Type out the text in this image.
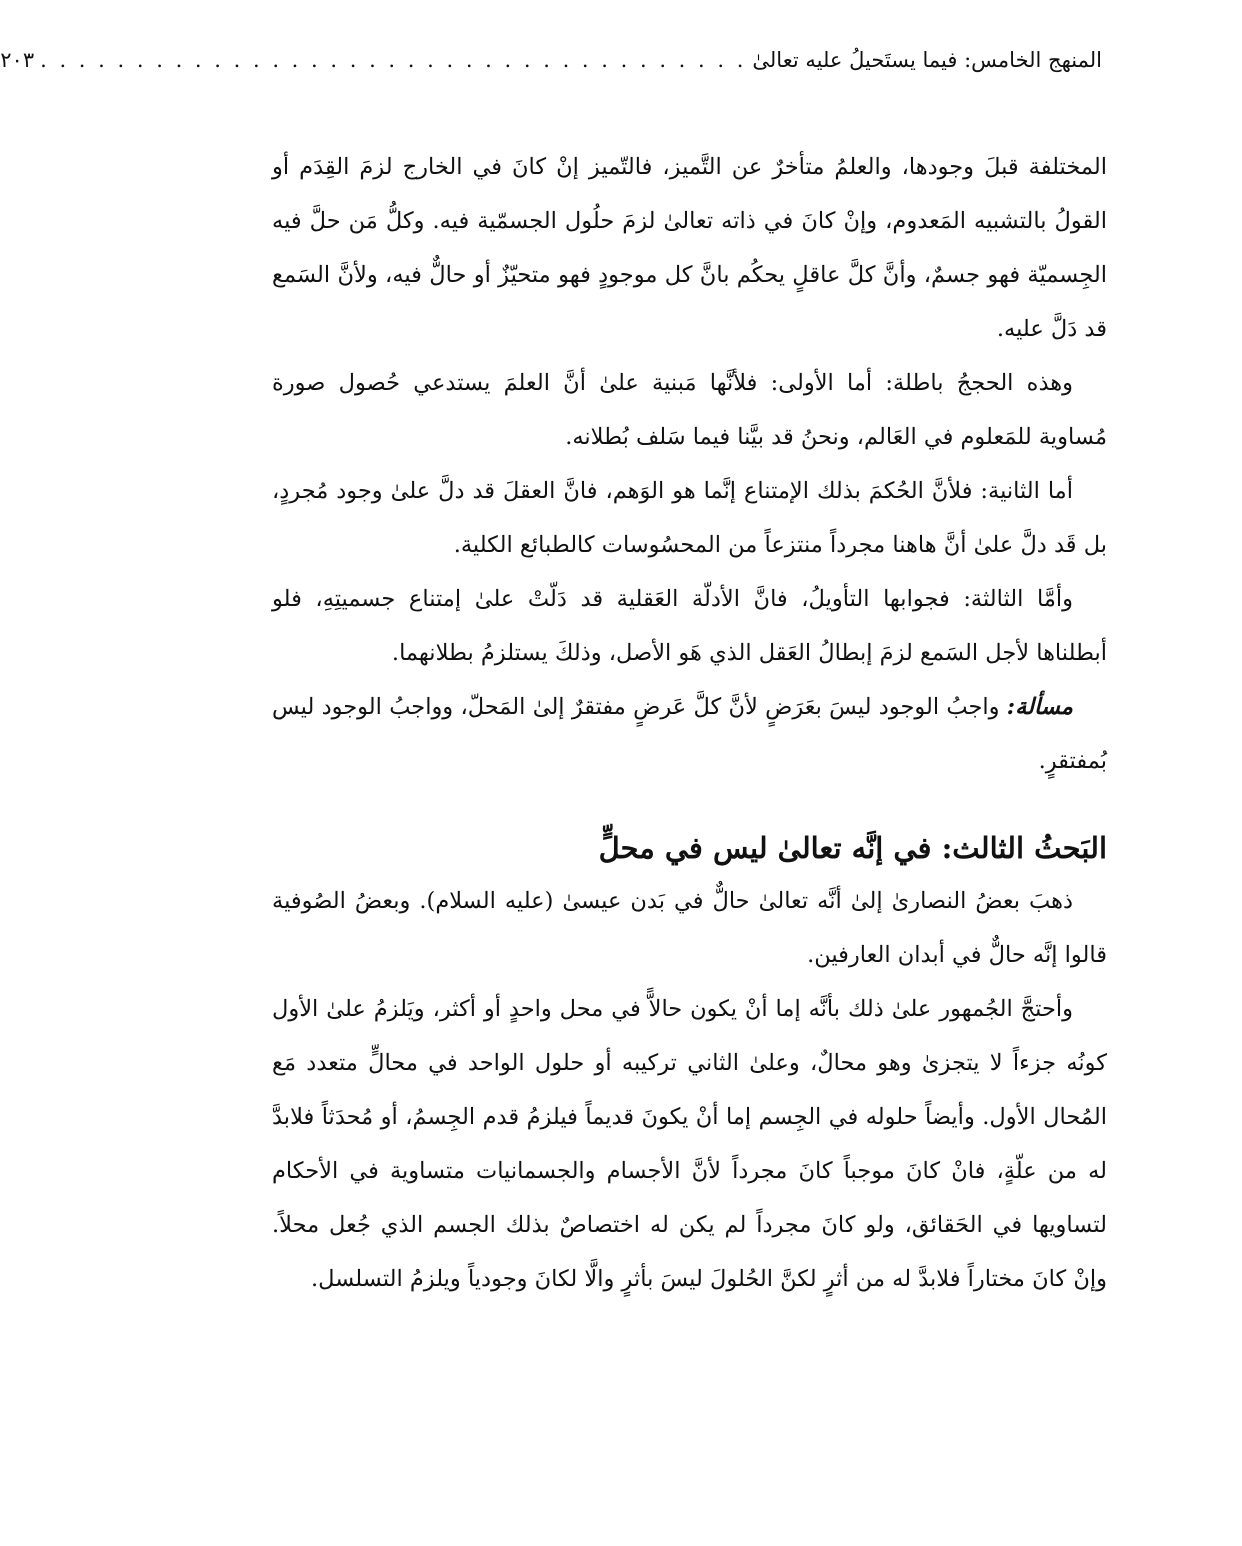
المنهج الخامس: فيما يستَحيلُ عليه تعالىٰ
. . . . . . . . . . . . . . . . . . . . . . . . . . . . . . . . . . . . .
٢٠٣

المختلفة قبلَ وجودها، والعلمُ متأخرٌ عن التَّميز، فالتّميز إنْ كانَ في الخارج لزمَ القِدَم أو القولُ بالتشبيه المَعدوم، وإنْ كانَ في ذاته تعالىٰ لزمَ حلُول الجسمّية فيه. وكلُّ مَن حلَّ فيه الجِسميّة فهو جسمٌ، وأنَّ كلَّ عاقلٍ يحكُم بانَّ كل موجودٍ فهو متحيّزٌ أو حالٌّ فيه، ولأنَّ السَمع قد دَلَّ عليه.

وهذه الحججُ باطلة: أما الأولى: فلأنَّها مَبنية علىٰ أنَّ العلمَ يستدعي حُصول صورة مُساوية للمَعلوم في العَالم، ونحنُ قد بيَّنا فيما سَلف بُطلانه.

أما الثانية: فلأنَّ الحُكمَ بذلك الإمتناع إنَّما هو الوَهم، فانَّ العقلَ قد دلَّ علىٰ وجود مُجردٍ، بل قَد دلَّ علىٰ أنَّ هاهنا مجرداً منتزعاً من المحسُوسات كالطبائع الكلية.

وأمَّا الثالثة: فجوابها التأويلُ، فانَّ الأدلّة العَقلية قد دَلّتْ علىٰ إمتناع جسميتِهِ، فلو أبطلناها لأجل السَمع لزمَ إبطالُ العَقل الذي هَو الأصل، وذلكَ يستلزمُ بطلانهما.

مسألة: واجبُ الوجود ليسَ بعَرَضٍ لأنَّ كلَّ عَرضٍ مفتقرٌ إلىٰ المَحلّ، وواجبُ الوجود ليس بُمفتقرٍ.

البَحثُ الثالث: في إنَّه تعالىٰ ليس في محلٍّ

ذهبَ بعضُ النصارىٰ إلىٰ أنَّه تعالىٰ حالٌّ في بَدن عيسىٰ (عليه السلام). وبعضُ الصُوفية قالوا إنَّه حالٌّ في أبدان العارفين.

وأحتجَّ الجُمهور علىٰ ذلك بأنَّه إما أنْ يكون حالاًّ في محل واحدٍ أو أكثر، ويَلزمُ علىٰ الأول كونُه جزءاً لا يتجزىٰ وهو محالٌ، وعلىٰ الثاني تركيبه أو حلول الواحد في محالٍّ متعدد مَع المُحال الأول. وأيضاً حلوله في الجِسم إما أنْ يكونَ قديماً فيلزمُ قدم الجِسمُ، أو مُحدَثاً فلابدَّ له من علّةٍ، فانْ كانَ موجباً كانَ مجرداً لأنَّ الأجسام والجسمانيات متساوية في الأحكام لتساويها في الحَقائق، ولو كانَ مجرداً لم يكن له اختصاصٌ بذلك الجسم الذي جُعل محلاً. وإنْ كانَ مختاراً فلابدَّ له من أثرٍ لكنَّ الحُلولَ ليسَ بأثرٍ والَّا لكانَ وجودياً ويلزمُ التسلسل.
